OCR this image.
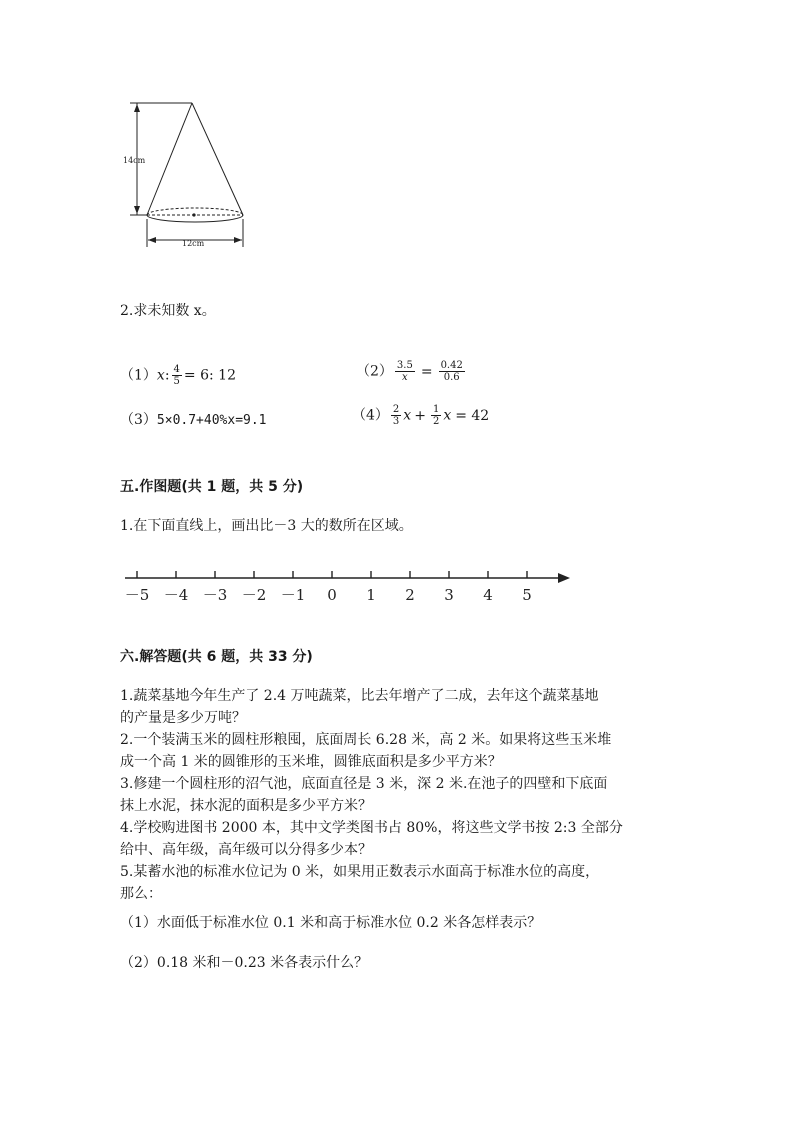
14cm
12cm
2.求未知数 x。
（1）x: $\frac{4}{5} = 6$: 12	$(2) \frac{3.5}{x} = \frac{0.42}{0.6}$
（3）5×0.7+40%x=9.1	$(4) \frac{2}{3}$ $x + \frac{1}{2}$ x = 42
五.作图题(共 1 题，共 5 分)
1.在下面直线上，画出比－3 大的数所在区域。
－5 －4 －3 －2 －1 0 1 2 3 4 5
六.解答题(共 6 题，共 33 分)
1.蔬菜基地今年生产了 2.4 万吨蔬菜，比去年增产了二成，去年这个蔬菜基地
的产量是多少万吨？
2.一个装满玉米的圆柱形粮囤，底面周长 6.28 米，高 2 米。如果将这些玉米堆
成一个高 1 米的圆锥形的玉米堆，圆锥底面积是多少平方米？
3.修建一个圆柱形的沼气池，底面直径是 3 米，深 2 米.在池子的四壁和下底面
抹上水泥，抹水泥的面积是多少平方米？
4.学校购进图书 2000 本，其中文学类图书占 80%，将这些文学书按 2:3 全部分
给中、高年级，高年级可以分得多少本？
5.某蓄水池的标准水位记为 0 米，如果用正数表示水面高于标准水位的高度，
那么：
（1）水面低于标准水位 0.1 米和高于标准水位 0.2 米各怎样表示？
（2）0.18 米和－0.23 米各表示什么？
